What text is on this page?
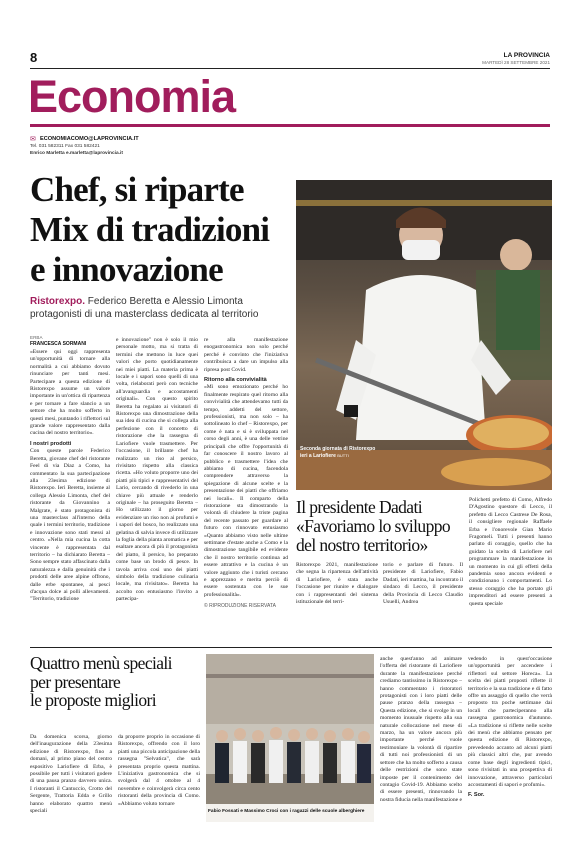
8	LA PROVINCIA
MARTEDÌ 28 SETTEMBRE 2021
Economia
✉ ECONOMIACOMO@LAPROVINCIA.IT
Tel. 031 582311 Fax 031 582421
Enrico Marletta e.marletta@laprovincia.it
Chef, si riparte
Mix di tradizioni
e innovazione
Ristorexpo. Federico Beretta e Alessio Limonta
protagonisti di una masterclass dedicata al territorio
ERBA
FRANCESCA SORMANI

«Essere qui oggi rappresenta un'opportunità di tornare alla normalità a cui abbiamo dovuto rinunciare per tanti mesi. Partecipare a questa edizione di Ristorexpo assume un valore importante in un'ottica di ripartenza e per tornare a fare slancio a un settore che ha molto sofferto in questi mesi, puntando i riflettori sul grande valore rappresentato dalla cucina del nostro territorio».

I nostri prodotti

Con queste parole Federico Beretta, giovane chef del ristorante Feel di via Diaz a Como, ha commentato la sua partecipazione alla 23esima edizione di Ristorexpo. Ieri Beretta, insieme al collega Alessio Limonta, chef del ristorante da Giovannino a Malgrate, è stato protagonista di una masterclass all'interno della quale i termini territorio, tradizione e innovazione sono stati messi al centro. «Nella mia cucina la cotta vincente è rappresentata dal territorio – ha dichiarato Beretta – Sono sempre stato affascinato dalla naturalezza e dalla genuinità che i prodotti delle aree alpine offrono, dalle erbe spontanee, ai pesci d'acqua dolce ai polli allevamenti. "Territorio, tradizione

e innovazione" non è solo il mio personale motto, ma si tratta di termini che mettono in luce quei valori che porto quotidianamente nei miei piatti. La materia prima è locale e i sapori sono quelli di una volta, rielaborati però con tecniche all'avanguardia e accostamenti originali». Con questo spirito Beretta ha regalato ai visitatori di Ristorexpo una dimostrazione della sua idea di cucina che si collega alla perfezione con il concetto di ristorazione che la rassegna di Lariofiere vuole trasmettere. Per l'occasione, il brillante chef ha realizzato un riso al persico, rivisitato rispetto alla classica ricetta. «Ho voluto proporre uno dei piatti più tipici e rappresentativi del Lario, cercando di rivederlo in una chiave più attuale e renderlo originale – ha proseguito Beretta – Ho utilizzato il giorno per evidenziare un riso non ai profumi e i sapori del bosco, ho realizzato una gelatina di salvia invece di utilizzare la foglia della pianta aromatica e per esaltare ancora di più il protagonista del piatto, il persico, ho preparato come base un brodo di pesce. In tavola arriva così uno dei piatti simbolo della tradizione culinaria locale, ma rivisitato». Beretta ha accolto con entusiasmo l'invito a partecipa-

re alla manifestazione enogastronomica non solo perché perché è convinto che l'iniziativa contribuisca a dare un impulso alla ripresa post Covid.

Ritorno alla convivialità

«Mi sono emozionato perché ho finalmente respirato quel ritorno alla convivialità che attendevamo tutti da tempo, addetti del settore, professionisti, ma non solo – ha sottolineato lo chef – Ristorexpo, per come è nata e si è sviluppata nel corso degli anni, è una delle vetrine principali che offre l'opportunità di far conoscere il nostro lavoro al pubblico e trasmettere l'idea che abbiamo di cucina, facendola comprendere attraverso la spiegazione di alcune scelte e la presentazione dei piatti che offriamo nei locali». Il comparto della ristorazione sta dimostrando la volontà di chiudere la triste pagina del recente passato per guardare al futuro con rinnovato entusiasmo «Quanto abbiamo visto nelle ultime settimane d'estate anche a Como e la dimostrazione tangibile ed evidente che il nostro territorio continua ad essere attrattivo e la cucina è un valore aggiunto che i turisti cercano e apprezzano e merita perciò di essere sostenuta con le sue professionalità».

© RIPRODUZIONE RISERVATA

Seconda giornata di Ristorexpo ieri a Lariofiere BUTTI
Il presidente Dadati
«Favoriamo lo sviluppo
del nostro territorio»

Ristorexpo 2021, manifestazione che segna la ripartenza dell'attività di Lariofiere, è stata anche l'occasione per riunire e dialogare con i rappresentanti del sistema istituzionale del terri-

torio e parlare di futuro. Il presidente di Lariofiere, Fabio Dadati, ieri mattina, ha incontrato il sindaco di Lecco, il presidente della Provincia di Lecco Claudio Usuelli, Andrea

Polichetti prefetto di Como, Alfredo D'Agostino questore di Lecco, il prefetto di Lecco Castrese De Rosa, il consigliere regionale Raffaele Erba e l'onorevole Gian Mario Fragomeli. Tutti i presenti hanno parlato di coraggio, quello che ha guidato la scelta di Lariofiere nel programmare la manifestazione in un momento in cui gli effetti della pandemia sono ancora evidenti e condizionano i comportamenti. Lo stesso coraggio che ha portato gli imprenditori ad essere presenti a questa speciale

Quattro menù speciali
per presentare
le proposte migliori

Da domenica scorsa, giorno dell'inaugurazione della 23esima edizione di Ristorexpo, fino a domani, al primo piano del centro espositivo Lariofiere di Erba, è possibile per tutti i visitatori godere di una pausa pranzo davvero unica. I ristoranti il Cantuccio, Crotto del Sergente, Trattoria Edda e Grillo hanno elaborato quattro menù speciali

da proporre proprio in occasione di Ristorexpo, offrendo con il loro piatti una piccola anticipazione della rassegna "Selvatica", che sarà presentata proprio questa mattina. L'iniziativa gastronomica che si svolgerà dal 4 ottobre al 4 novembre e coinvolgerà circa cento ristoranti della provincia di Como. «Abbiamo voluto tornare

Fabio Fossati e Massimo Croci con i ragazzi delle scuole alberghiere

anche quest'anno ad animare l'offerta del ristorante di Lariofiere durante la manifestazione perché crediamo tantissimo in Ristorexpo – hanno commentato i ristoratori protagonisti con i loro piatti delle pause pranzo della rassegna – Questa edizione, che si svolge in un momento inusuale rispetto alla sua naturale collocazione nel mese di marzo, ha un valore ancora più importante perché vuole testimoniare la volontà di ripartire di tutti noi professionisti di un settore che ha molto sofferto a causa delle restrizioni che sono state imposte per il contenimento del contagio Covid-19. Abbiamo scelto di essere presenti, rinnovando la nostra fiducia nella manifestazione e

vedendo in quest'occasione un'opportunità per accendere i riflettori sul settore Horeca». La scelta dei piatti proposti riflette il territorio e la sua tradizione e di fatto offre un assaggio di quello che verrà proposto tra poche settimane dai locali che parteciperanno alla rassegna gastronomica d'autunno. «La tradizione si riflette nelle scelte dei menù che abbiamo pensato per questa edizione di Ristorexpo, prevedendo accanto ad alcuni piatti più classici altri che, pur avendo come base degli ingredienti tipici, sono rivisitati in una prospettiva di innovazione, attraverso particolari accostamenti di sapori e profumi».

F. Sor.
